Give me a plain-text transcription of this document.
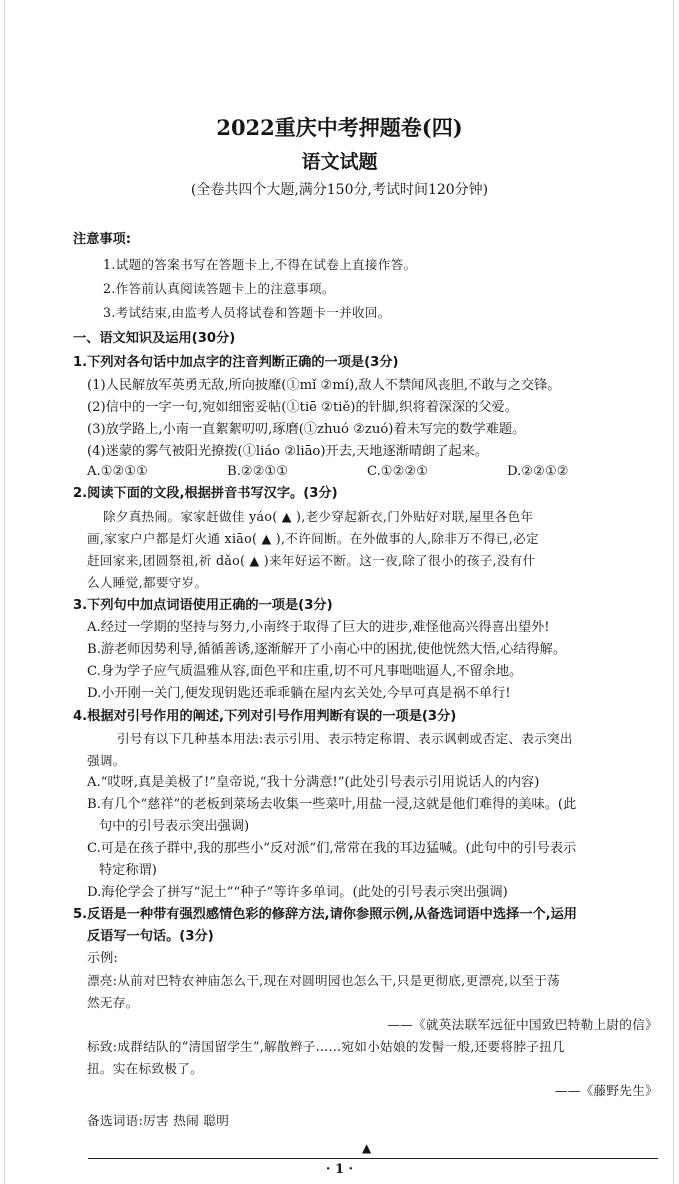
2022重庆中考押题卷(四)
语文试题
(全卷共四个大题,满分150分,考试时间120分钟)
注意事项:
1.试题的答案书写在答题卡上,不得在试卷上直接作答。
2.作答前认真阅读答题卡上的注意事项。
3.考试结束,由监考人员将试卷和答题卡一并收回。
一、语文知识及运用(30分)
1.下列对各句话中加点字的注音判断正确的一项是(3分)
(1)人民解放军英勇无敌,所向披靡(①mǐ ②mí),敌人不禁闻风丧胆,不敢与之交锋。
(2)信中的一字一句,宛如细密妥帖(①tiē ②tiě)的针脚,织将着深深的父爱。
(3)放学路上,小南一直絮絮叨叨,琢磨(①zhuó ②zuó)着未写完的数学难题。
(4)迷蒙的雾气被阳光撩拨(①liáo ②liāo)开去,天地逐渐晴朗了起来。
A.①②①①	B.②②①①	C.①②②①	D.②②①②
2.阅读下面的文段,根据拼音书写汉字。(3分)
除夕真热闹。家家赶做佳 yáo( ▲ ),老少穿起新衣,门外贴好对联,屋里各色年
画,家家户户都是灯火通 xiāo( ▲ ),不许间断。在外做事的人,除非万不得已,必定
赶回家来,团圆祭祖,祈 dǎo( ▲ )来年好运不断。这一夜,除了很小的孩子,没有什
么人睡觉,都要守岁。
3.下列句中加点词语使用正确的一项是(3分)
A.经过一学期的坚持与努力,小南终于取得了巨大的进步,难怪他高兴得喜出望外!
B.游老师因势利导,循循善诱,逐渐解开了小南心中的困扰,使他恍然大悟,心结得解。
C.身为学子应气质温雅从容,面色平和庄重,切不可凡事咄咄逼人,不留余地。
D.小开刚一关门,便发现钥匙还乖乖躺在屋内玄关处,今早可真是祸不单行!
4.根据对引号作用的阐述,下列对引号作用判断有误的一项是(3分)
引号有以下几种基本用法:表示引用、表示特定称谓、表示讽刺或否定、表示突出
强调。
A.“哎呀,真是美极了!”皇帝说,“我十分满意!”(此处引号表示引用说话人的内容)
B.有几个“慈祥”的老板到菜场去收集一些菜叶,用盐一浸,这就是他们难得的美味。(此
句中的引号表示突出强调)
C.可是在孩子群中,我的那些小“反对派”们,常常在我的耳边猛喊。(此句中的引号表示
特定称谓)
D.海伦学会了拼写“泥土”“种子”等许多单词。(此处的引号表示突出强调)
5.反语是一种带有强烈感情色彩的修辞方法,请你参照示例,从备选词语中选择一个,运用
反语写一句话。(3分)
示例:
漂亮:从前对巴特农神庙怎么干,现在对圆明园也怎么干,只是更彻底,更漂亮,以至于荡
然无存。
——《就英法联军远征中国致巴特勒上尉的信》
标致:成群结队的“清国留学生”,解散辫子……宛如小姑娘的发髻一般,还要将脖子扭几
扭。实在标致极了。
——《藤野先生》
备选词语:厉害 热闹 聪明
▲
· 1 ·
